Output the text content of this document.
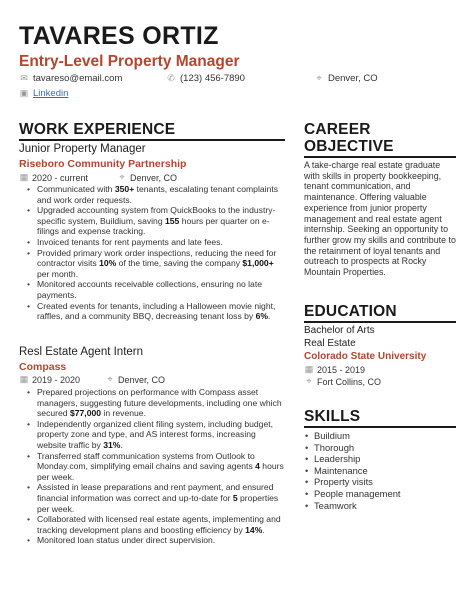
TAVARES ORTIZ
Entry-Level Property Manager
✉ tavareso@email.com	✆ (123) 456-7890	⌖ Denver, CO
▣ Linkedin
WORK EXPERIENCE
Junior Property Manager
Riseboro Community Partnership
▦ 2020 - current	⌖ Denver, CO
• Communicated with 350+ tenants, escalating tenant complaints and work order requests.
• Upgraded accounting system from QuickBooks to the industry-specific system, Buildium, saving 155 hours per quarter on e-filings and expense tracking.
• Invoiced tenants for rent payments and late fees.
• Provided primary work order inspections, reducing the need for contractor visits 10% of the time, saving the company $1,000+ per month.
• Monitored accounts receivable collections, ensuring no late payments.
• Created events for tenants, including a Halloween movie night, raffles, and a community BBQ, decreasing tenant loss by 6%.
Resl Estate Agent Intern
Compass
▦ 2019 - 2020	⌖ Denver, CO
• Prepared projections on performance with Compass asset managers, suggesting future developments, including one which secured $77,000 in revenue.
• Independently organized client filing system, including budget, property zone and type, and AS interest forms, increasing website traffic by 31%.
• Transferred staff communication systems from Outlook to Monday.com, simplifying email chains and saving agents 4 hours per week.
• Assisted in lease preparations and rent payment, and ensured financial information was correct and up-to-date for 5 properties per week.
• Collaborated with licensed real estate agents, implementing and tracking development plans and boosting efficiency by 14%.
• Monitored loan status under direct supervision.
CAREER OBJECTIVE
A take-charge real estate graduate with skills in property bookkeeping, tenant communication, and maintenance. Offering valuable experience from junior property management and real estate agent internship. Seeking an opportunity to further grow my skills and contribute to the retainment of loyal tenants and outreach to prospects at Rocky Mountain Properties.
EDUCATION
Bachelor of Arts
Real Estate
Colorado State University
▦ 2015 - 2019
⌖ Fort Collins, CO
SKILLS
• Buildium
• Thorough
• Leadership
• Maintenance
• Property visits
• People management
• Teamwork
